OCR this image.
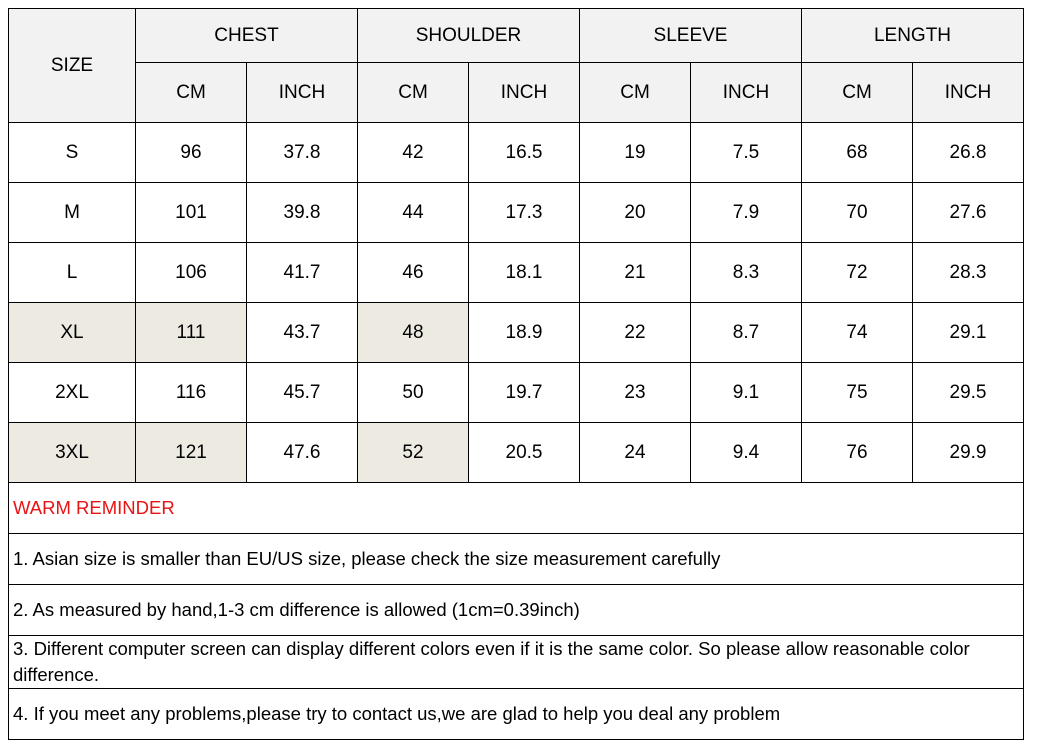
SIZE	CHEST		SHOULDER		SLEEVE		LENGTH	
	CM	INCH	CM	INCH	CM	INCH	CM	INCH
S	96	37.8	42	16.5	19	7.5	68	26.8
M	101	39.8	44	17.3	20	7.9	70	27.6
L	106	41.7	46	18.1	21	8.3	72	28.3
XL	111	43.7	48	18.9	22	8.7	74	29.1
2XL	116	45.7	50	19.7	23	9.1	75	29.5
3XL	121	47.6	52	20.5	24	9.4	76	29.9
WARM REMINDER								
1. Asian size is smaller than EU/US size, please check the size measurement carefully								
2. As measured by hand,1-3 cm difference is allowed (1cm=0.39inch)								
3. Different computer screen can display different colors even if it is the same color. So please allow reasonable color difference.								
4. If you meet any problems,please try to contact us,we are glad to help you deal any problem								
